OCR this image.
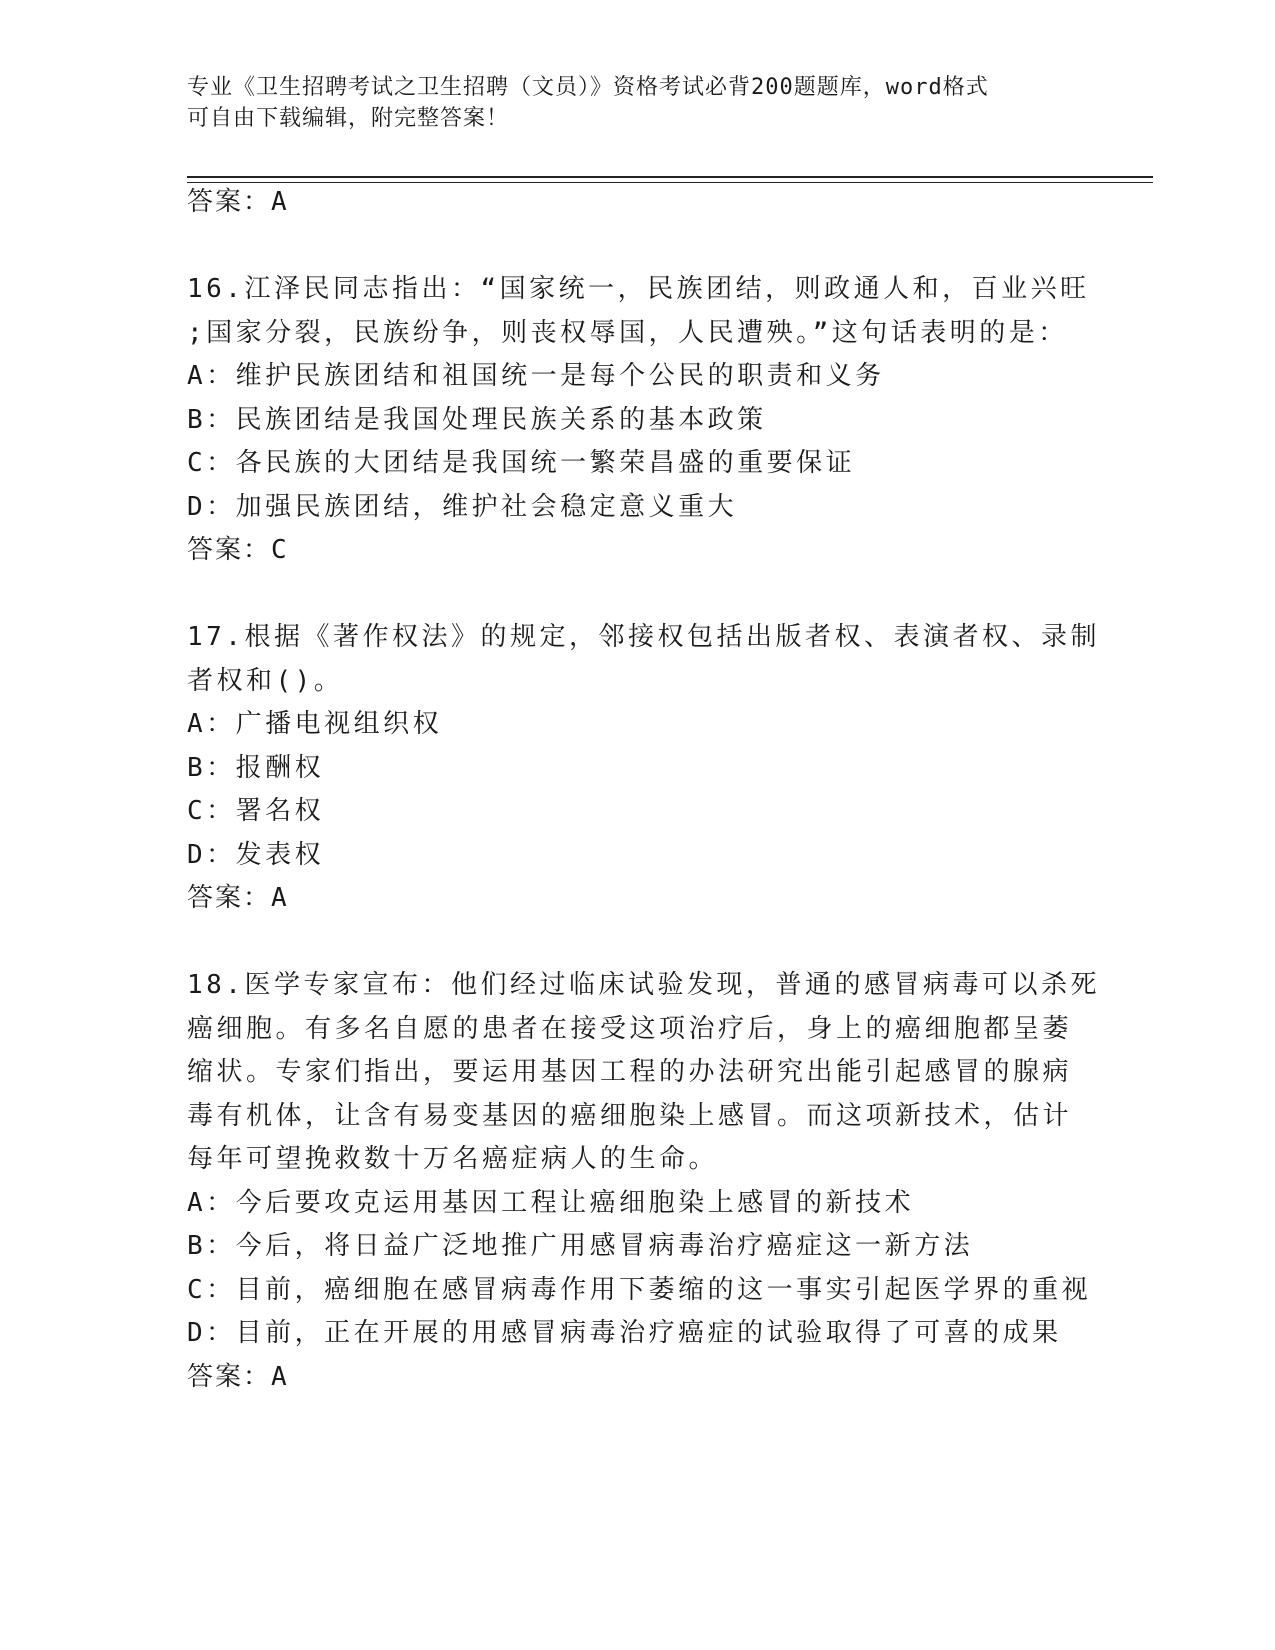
专业《卫生招聘考试之卫生招聘（文员）》资格考试必背200题题库，word格式
可自由下载编辑，附完整答案！
答案：A
16.江泽民同志指出：“国家统一，民族团结，则政通人和，百业兴旺
;国家分裂，民族纷争，则丧权辱国，人民遭殃。”这句话表明的是：
A：维护民族团结和祖国统一是每个公民的职责和义务
B：民族团结是我国处理民族关系的基本政策
C：各民族的大团结是我国统一繁荣昌盛的重要保证
D：加强民族团结，维护社会稳定意义重大
答案：C
17.根据《著作权法》的规定，邻接权包括出版者权、表演者权、录制
者权和()。
A：广播电视组织权
B：报酬权
C：署名权
D：发表权
答案：A
18.医学专家宣布：他们经过临床试验发现，普通的感冒病毒可以杀死
癌细胞。有多名自愿的患者在接受这项治疗后，身上的癌细胞都呈萎
缩状。专家们指出，要运用基因工程的办法研究出能引起感冒的腺病
毒有机体，让含有易变基因的癌细胞染上感冒。而这项新技术，估计
每年可望挽救数十万名癌症病人的生命。
A：今后要攻克运用基因工程让癌细胞染上感冒的新技术
B：今后，将日益广泛地推广用感冒病毒治疗癌症这一新方法
C：目前，癌细胞在感冒病毒作用下萎缩的这一事实引起医学界的重视
D：目前，正在开展的用感冒病毒治疗癌症的试验取得了可喜的成果
答案：A
